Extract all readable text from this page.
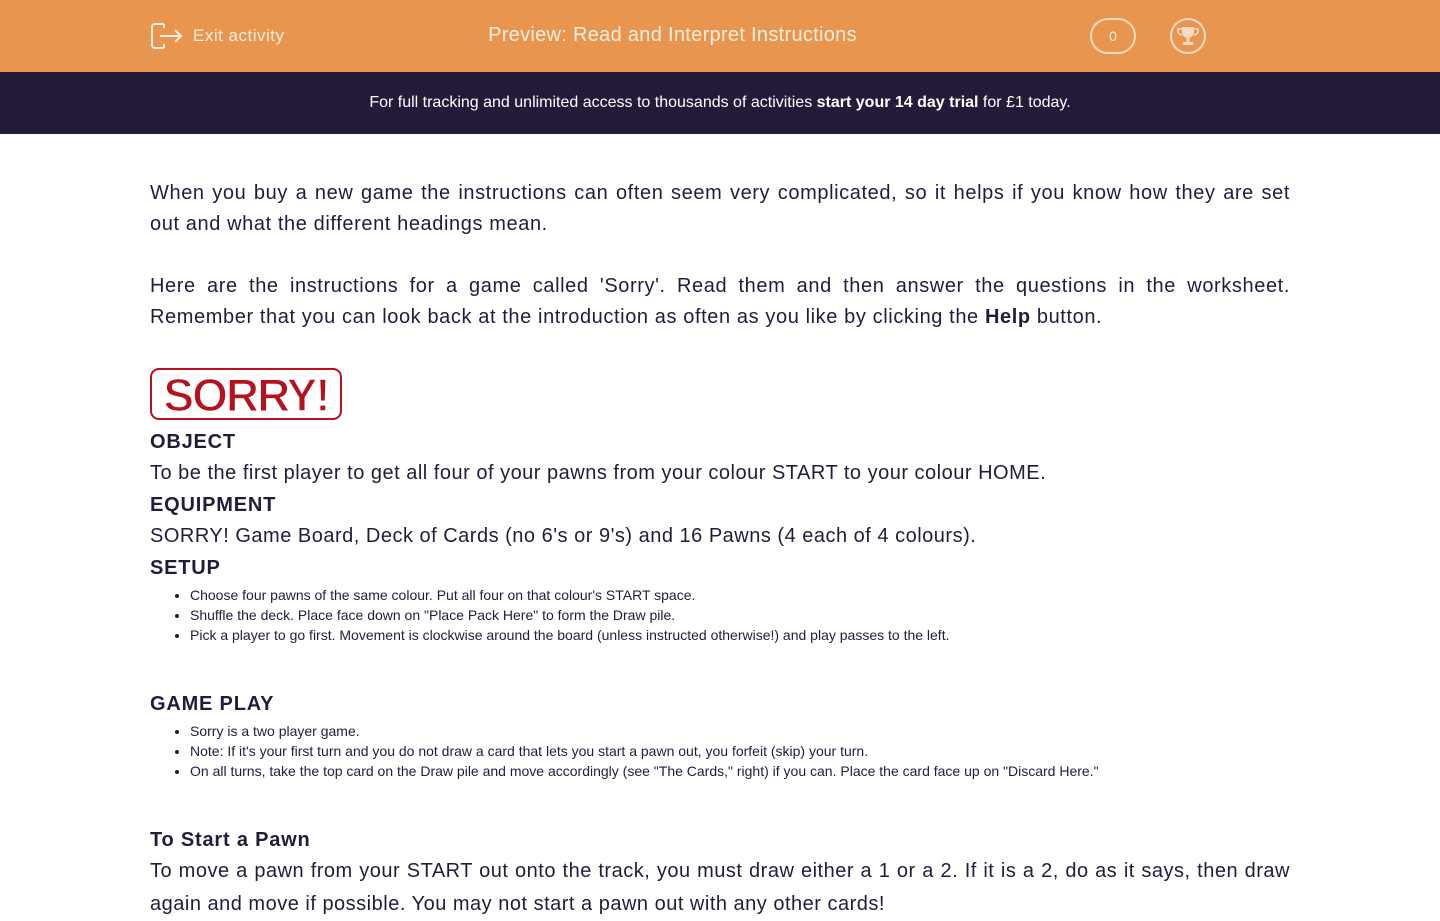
Exit activity	Preview: Read and Interpret Instructions	0
For full tracking and unlimited access to thousands of activities start your 14 day trial for £1 today.

When you buy a new game the instructions can often seem very complicated, so it helps if you know how they are set out and what the different headings mean.

Here are the instructions for a game called 'Sorry'. Read them and then answer the questions in the worksheet. Remember that you can look back at the introduction as often as you like by clicking the Help button.

SORRY!
OBJECT

To be the first player to get all four of your pawns from your colour START to your colour HOME.

EQUIPMENT

SORRY! Game Board, Deck of Cards (no 6's or 9's) and 16 Pawns (4 each of 4 colours).

SETUP
• Choose four pawns of the same colour. Put all four on that colour's START space.
• Shuffle the deck. Place face down on "Place Pack Here" to form the Draw pile.
• Pick a player to go first. Movement is clockwise around the board (unless instructed otherwise!) and play passes to the left.
GAME PLAY
• Sorry is a two player game.
• Note: If it's your first turn and you do not draw a card that lets you start a pawn out, you forfeit (skip) your turn.
• On all turns, take the top card on the Draw pile and move accordingly (see "The Cards," right) if you can. Place the card face up on "Discard Here."
To Start a Pawn

To move a pawn from your START out onto the track, you must draw either a 1 or a 2. If it is a 2, do as it says, then draw again and move if possible. You may not start a pawn out with any other cards!
